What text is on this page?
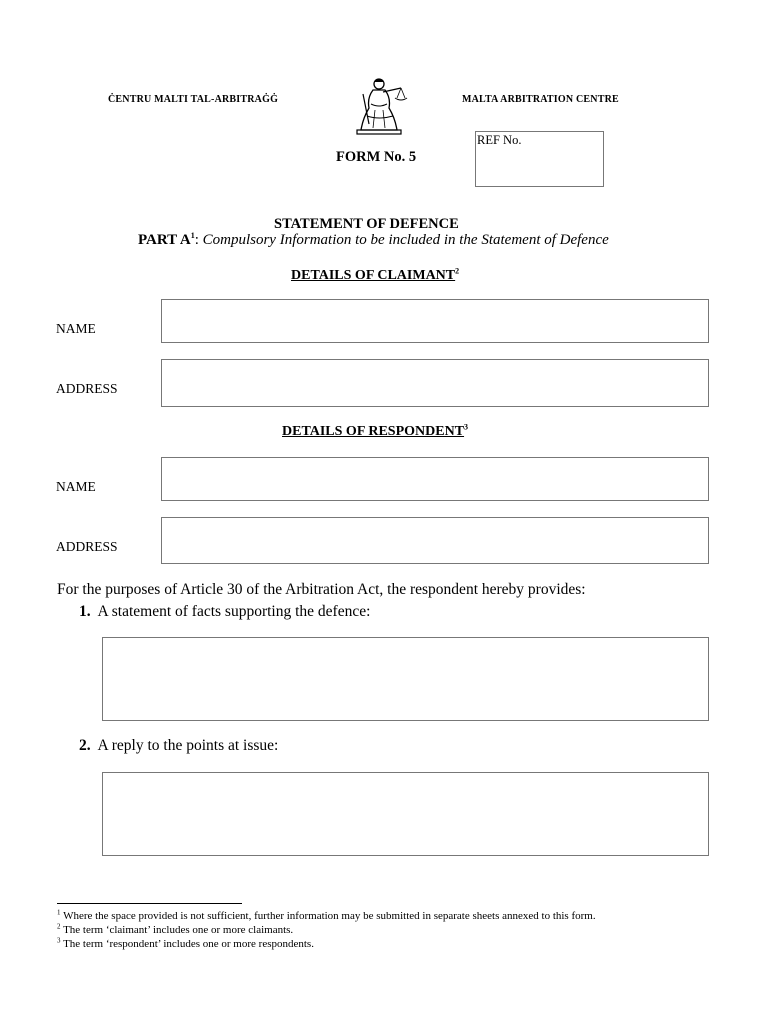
ĊENTRU MALTI TAL-ARBITRAĠĠ	MALTA ARBITRATION CENTRE
REF No.
FORM No. 5
STATEMENT OF DEFENCE
PART $A^1$: Compulsory Information to be included in the Statement of Defence
DETAILS OF CLAIMANT$^2$
NAME
ADDRESS
DETAILS OF RESPONDENT$^3$
NAME
ADDRESS
For the purposes of Article 30 of the Arbitration Act, the respondent hereby provides:
1. A statement of facts supporting the defence:
2. A reply to the points at issue:
$^1$ Where the space provided is not sufficient, further information may be submitted in separate sheets annexed to this form.
$^2$ The term ‘claimant’ includes one or more claimants.
$^3$ The term ‘respondent’ includes one or more respondents.
